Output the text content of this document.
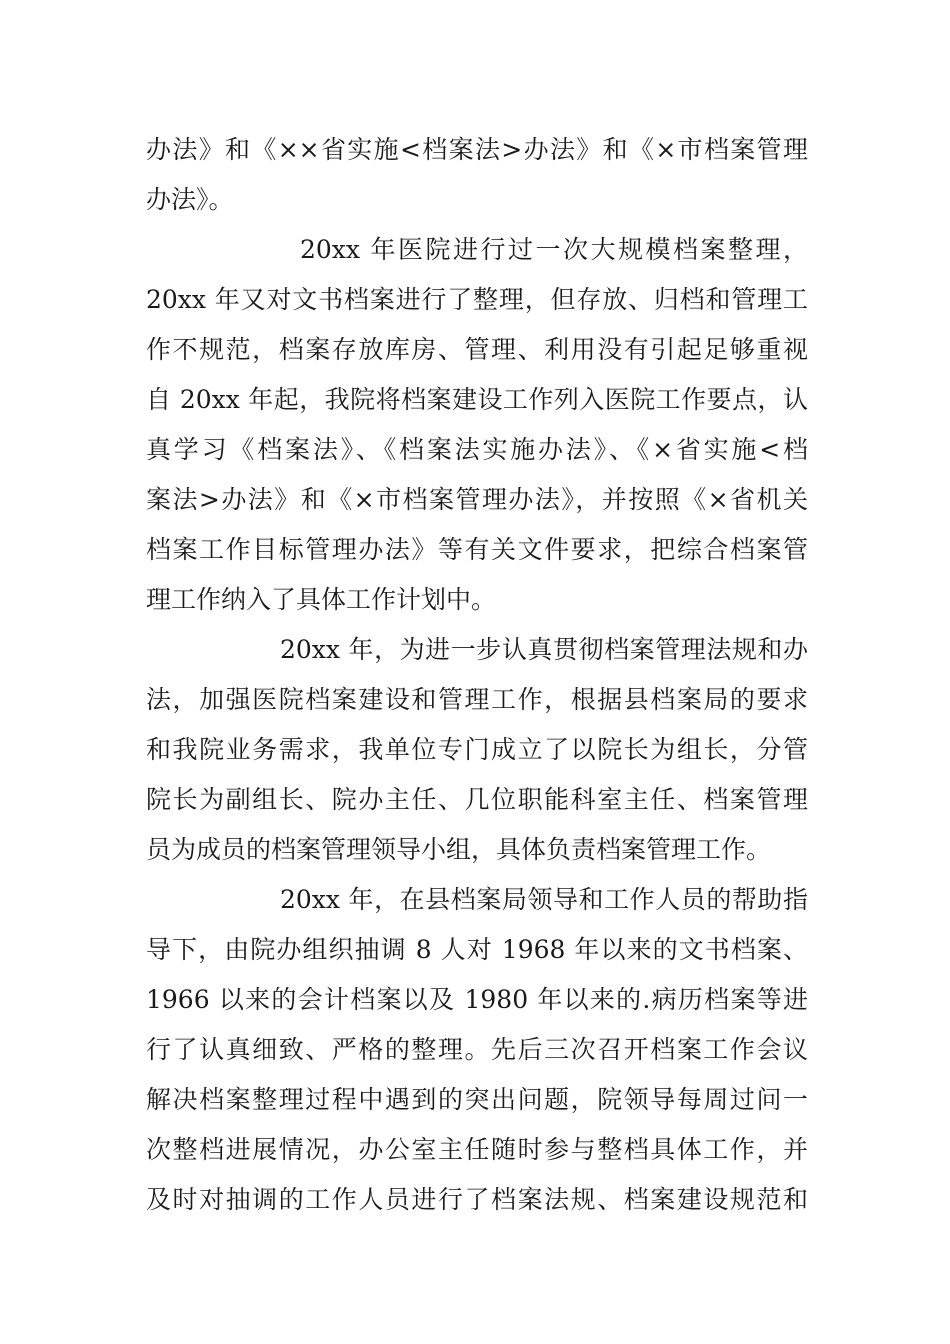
办法》和《××省实施<档案法>办法》和《×市档案管理

办法》。

20xx 年医院进行过一次大规模档案整理，

20xx 年又对文书档案进行了整理，但存放、归档和管理工

作不规范，档案存放库房、管理、利用没有引起足够重视

自 20xx 年起，我院将档案建设工作列入医院工作要点，认

真学习《档案法》、《档案法实施办法》、《×省实施<档

案法>办法》和《×市档案管理办法》，并按照《×省机关

档案工作目标管理办法》等有关文件要求，把综合档案管

理工作纳入了具体工作计划中。

20xx 年，为进一步认真贯彻档案管理法规和办

法，加强医院档案建设和管理工作，根据县档案局的要求

和我院业务需求，我单位专门成立了以院长为组长，分管

院长为副组长、院办主任、几位职能科室主任、档案管理

员为成员的档案管理领导小组，具体负责档案管理工作。

20xx 年，在县档案局领导和工作人员的帮助指

导下，由院办组织抽调 8 人对 1968 年以来的文书档案、

1966 以来的会计档案以及 1980 年以来的.病历档案等进

行了认真细致、严格的整理。先后三次召开档案工作会议

解决档案整理过程中遇到的突出问题，院领导每周过问一

次整档进展情况，办公室主任随时参与整档具体工作，并

及时对抽调的工作人员进行了档案法规、档案建设规范和
